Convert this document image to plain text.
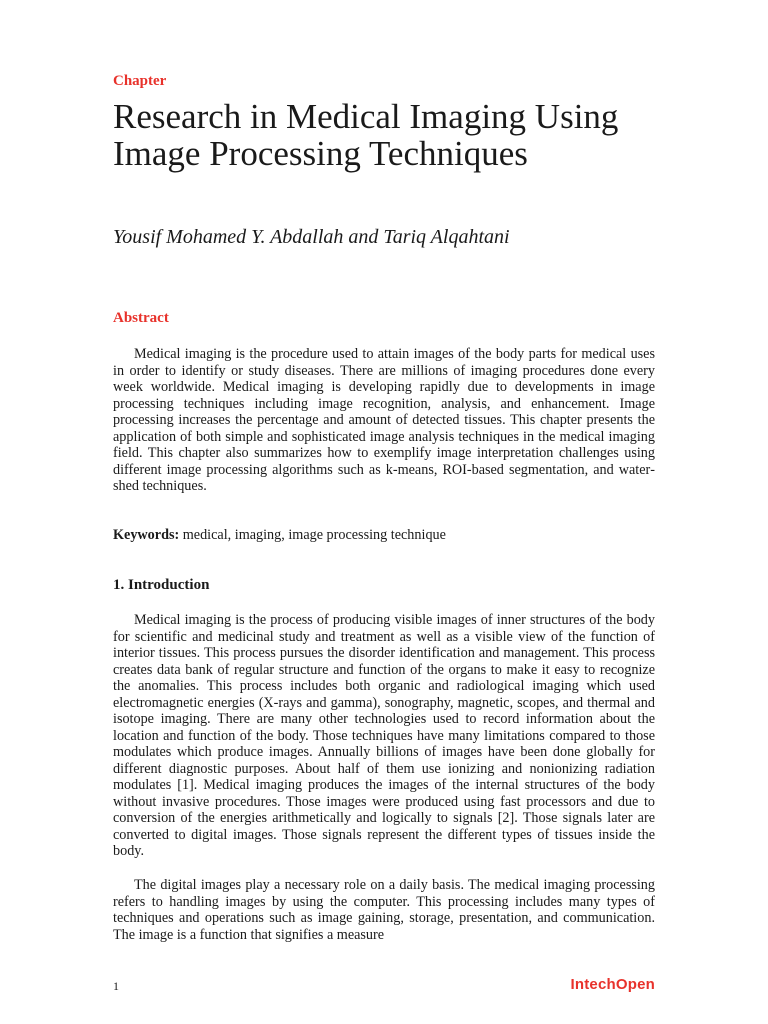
Chapter
Research in Medical Imaging Using Image Processing Techniques
Yousif Mohamed Y. Abdallah and Tariq Alqahtani
Abstract

Medical imaging is the procedure used to attain images of the body parts for medical uses in order to identify or study diseases. There are millions of imaging procedures done every week worldwide. Medical imaging is developing rapidly due to developments in image processing techniques including image recognition, analysis, and enhancement. Image processing increases the percentage and amount of detected tissues. This chapter presents the application of both simple and sophisticated image analysis techniques in the medical imaging field. This chapter also summarizes how to exemplify image interpretation challenges using different image processing algorithms such as k-means, ROI-based segmentation, and watershed techniques.

Keywords: medical, imaging, image processing technique
1. Introduction

Medical imaging is the process of producing visible images of inner structures of the body for scientific and medicinal study and treatment as well as a visible view of the function of interior tissues. This process pursues the disorder identification and management. This process creates data bank of regular structure and function of the organs to make it easy to recognize the anomalies. This process includes both organic and radiological imaging which used electromagnetic energies (X-rays and gamma), sonography, magnetic, scopes, and thermal and isotope imaging. There are many other technologies used to record information about the location and function of the body. Those techniques have many limitations compared to those modulates which produce images. Annually billions of images have been done globally for different diagnostic purposes. About half of them use ionizing and nonionizing radiation modulates [1]. Medical imaging produces the images of the internal structures of the body without invasive procedures. Those images were produced using fast processors and due to conversion of the energies arithmetically and logically to signals [2]. Those signals later are converted to digital images. Those signals represent the different types of tissues inside the body.

The digital images play a necessary role on a daily basis. The medical imaging processing refers to handling images by using the computer. This processing includes many types of techniques and operations such as image gaining, storage, presentation, and communication. The image is a function that signifies a measure

1	IntechOpen
